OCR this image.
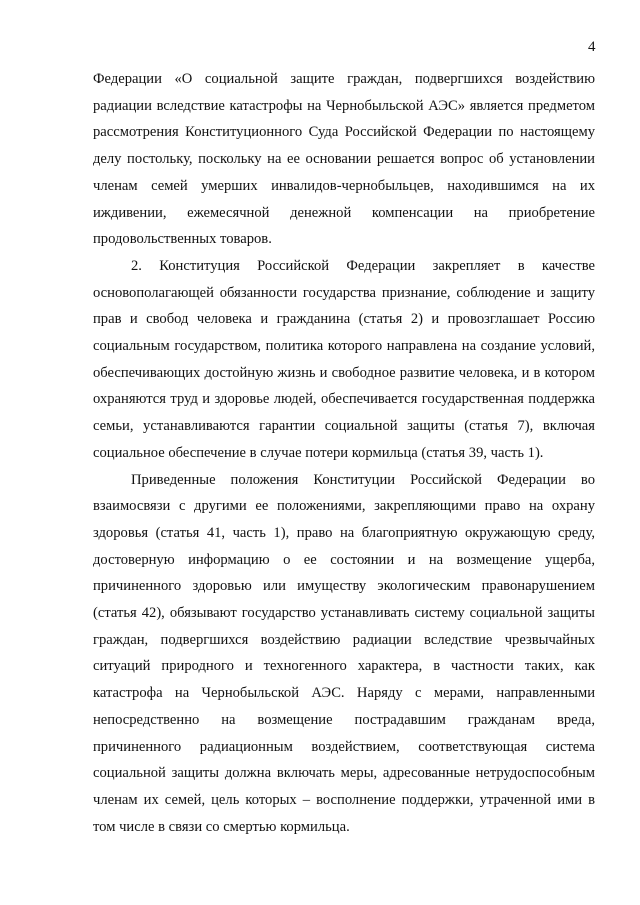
4

Федерации «О социальной защите граждан, подвергшихся воздействию радиации вследствие катастрофы на Чернобыльской АЭС» является предметом рассмотрения Конституционного Суда Российской Федерации по настоящему делу постольку, поскольку на ее основании решается вопрос об установлении членам семей умерших инвалидов-чернобыльцев, находившимся на их иждивении, ежемесячной денежной компенсации на приобретение продовольственных товаров.

2. Конституция Российской Федерации закрепляет в качестве основополагающей обязанности государства признание, соблюдение и защиту прав и свобод человека и гражданина (статья 2) и провозглашает Россию социальным государством, политика которого направлена на создание условий, обеспечивающих достойную жизнь и свободное развитие человека, и в котором охраняются труд и здоровье людей, обеспечивается государственная поддержка семьи, устанавливаются гарантии социальной защиты (статья 7), включая социальное обеспечение в случае потери кормильца (статья 39, часть 1).

Приведенные положения Конституции Российской Федерации во взаимосвязи с другими ее положениями, закрепляющими право на охрану здоровья (статья 41, часть 1), право на благоприятную окружающую среду, достоверную информацию о ее состоянии и на возмещение ущерба, причиненного здоровью или имуществу экологическим правонарушением (статья 42), обязывают государство устанавливать систему социальной защиты граждан, подвергшихся воздействию радиации вследствие чрезвычайных ситуаций природного и техногенного характера, в частности таких, как катастрофа на Чернобыльской АЭС. Наряду с мерами, направленными непосредственно на возмещение пострадавшим гражданам вреда, причиненного радиационным воздействием, соответствующая система социальной защиты должна включать меры, адресованные нетрудоспособным членам их семей, цель которых – восполнение поддержки, утраченной ими в том числе в связи со смертью кормильца.
